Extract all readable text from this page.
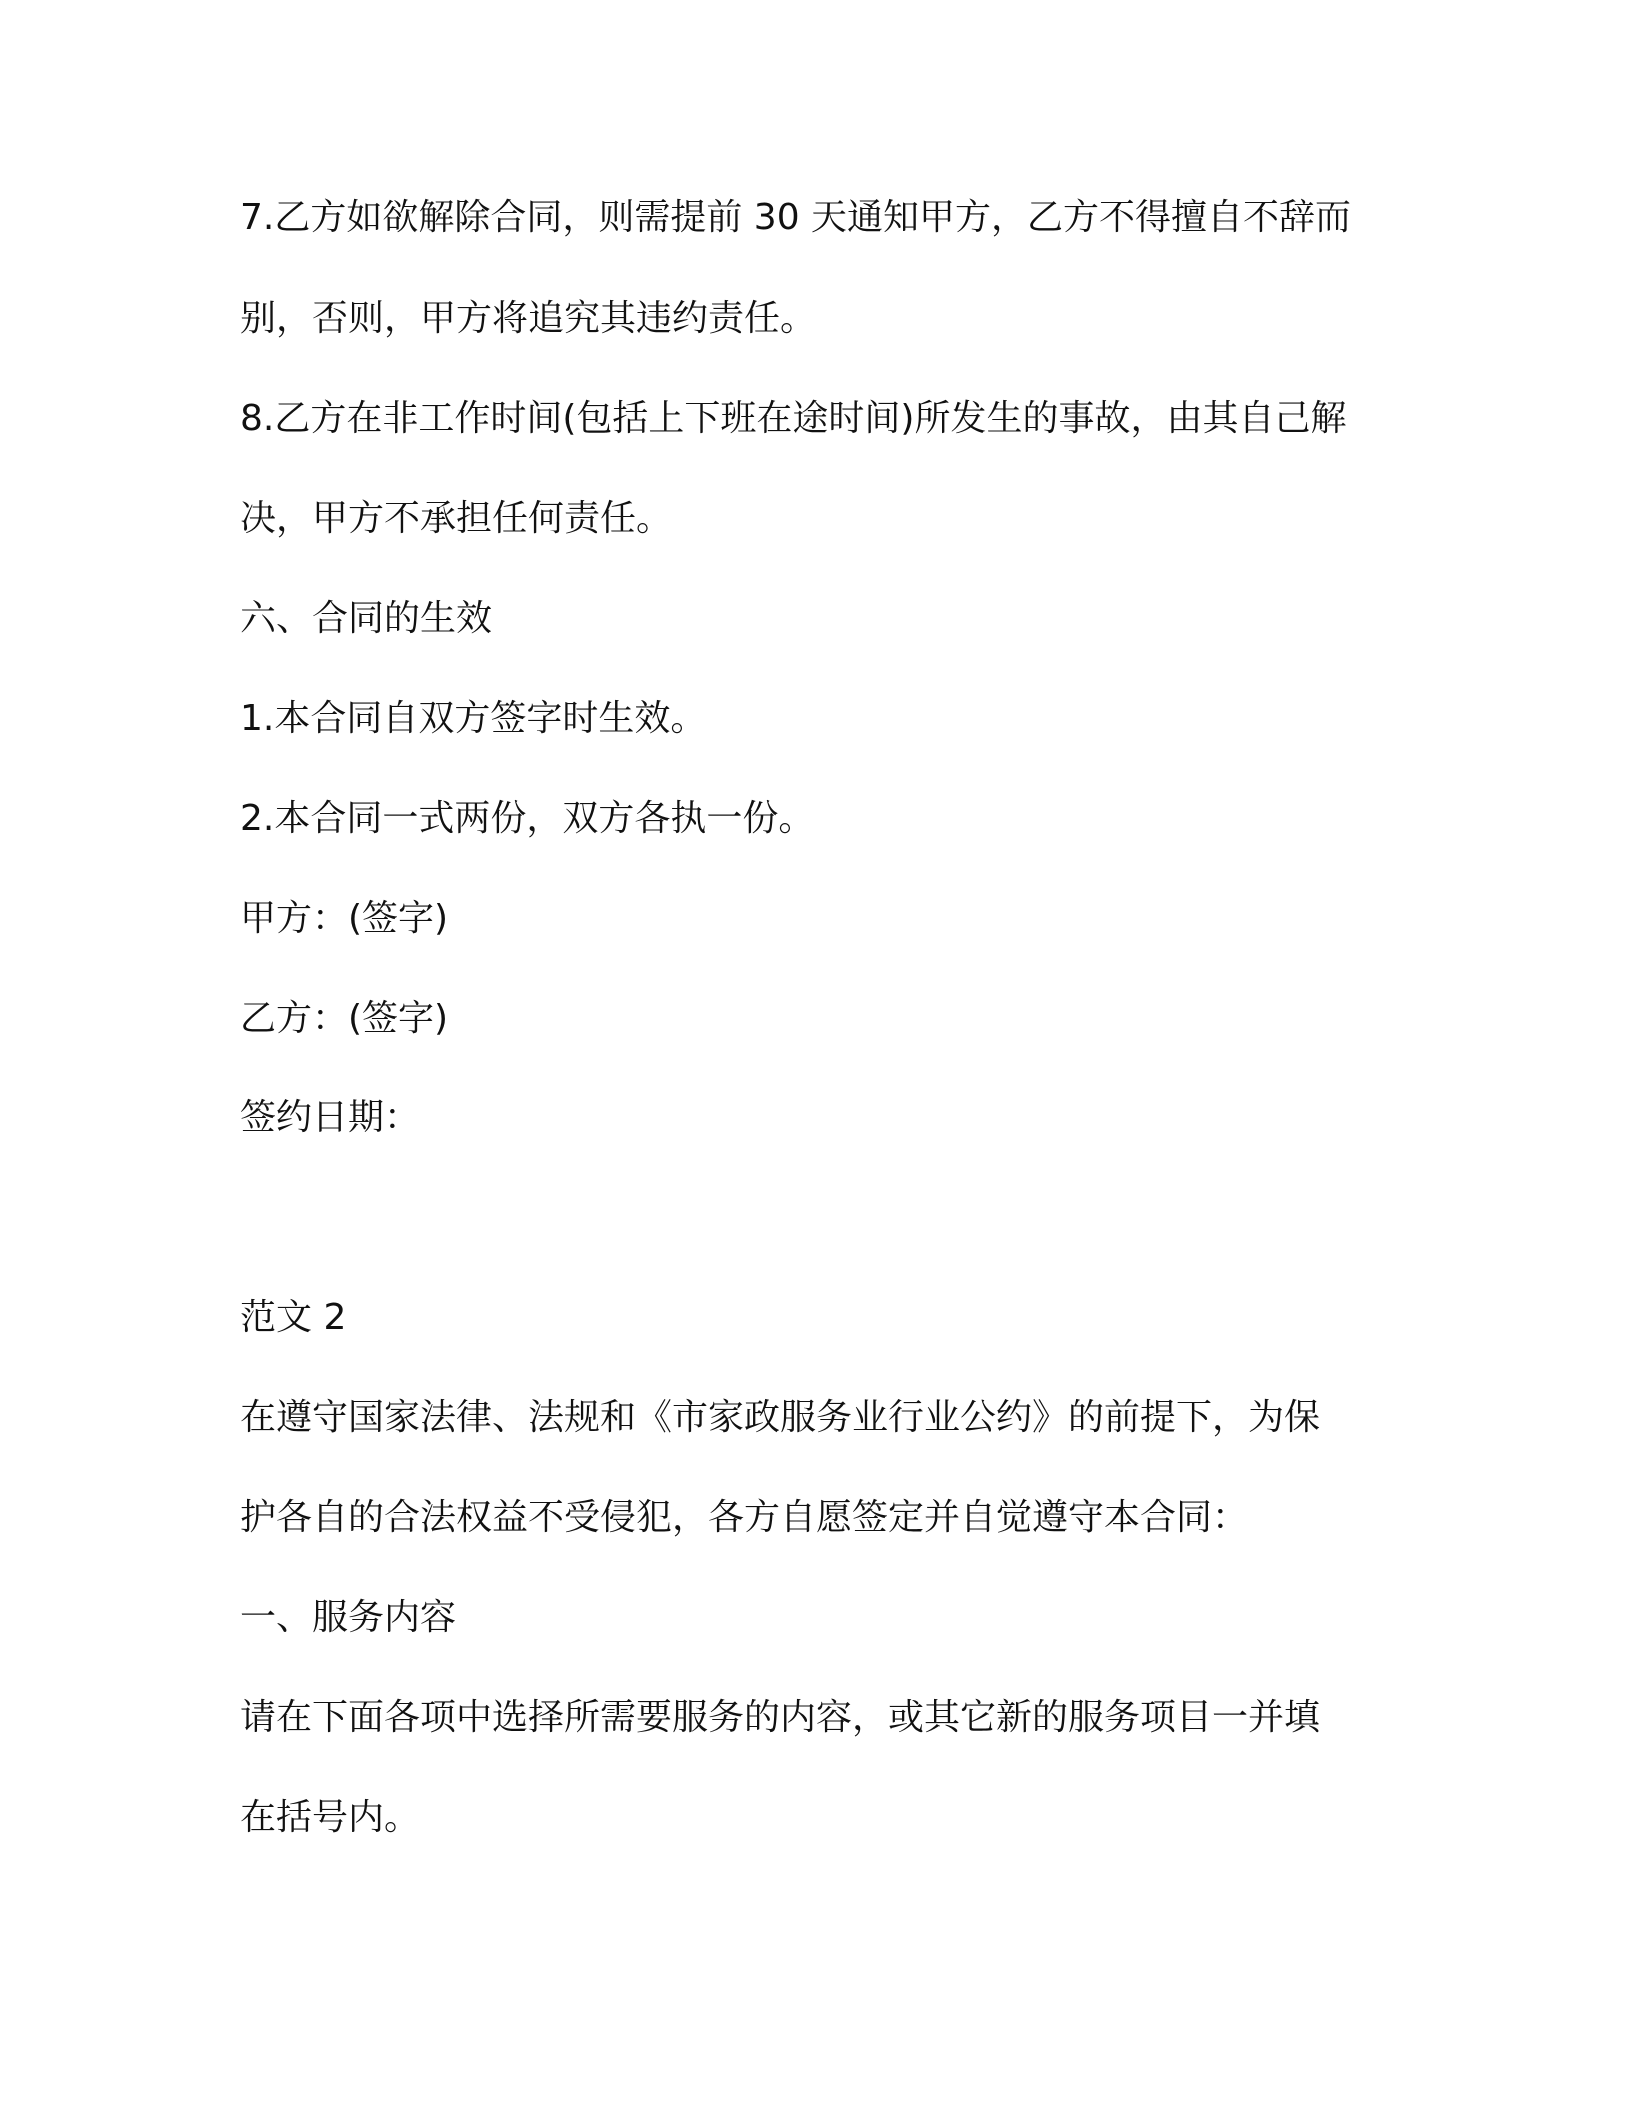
7.乙方如欲解除合同，则需提前 30 天通知甲方，乙方不得擅自不辞而
别，否则，甲方将追究其违约责任。
8.乙方在非工作时间(包括上下班在途时间)所发生的事故，由其自己解
决，甲方不承担任何责任。
六、合同的生效
1.本合同自双方签字时生效。
2.本合同一式两份，双方各执一份。
甲方：(签字)
乙方：(签字)
签约日期：
范文 2
在遵守国家法律、法规和《市家政服务业行业公约》的前提下，为保
护各自的合法权益不受侵犯，各方自愿签定并自觉遵守本合同：
一、服务内容
请在下面各项中选择所需要服务的内容，或其它新的服务项目一并填
在括号内。
